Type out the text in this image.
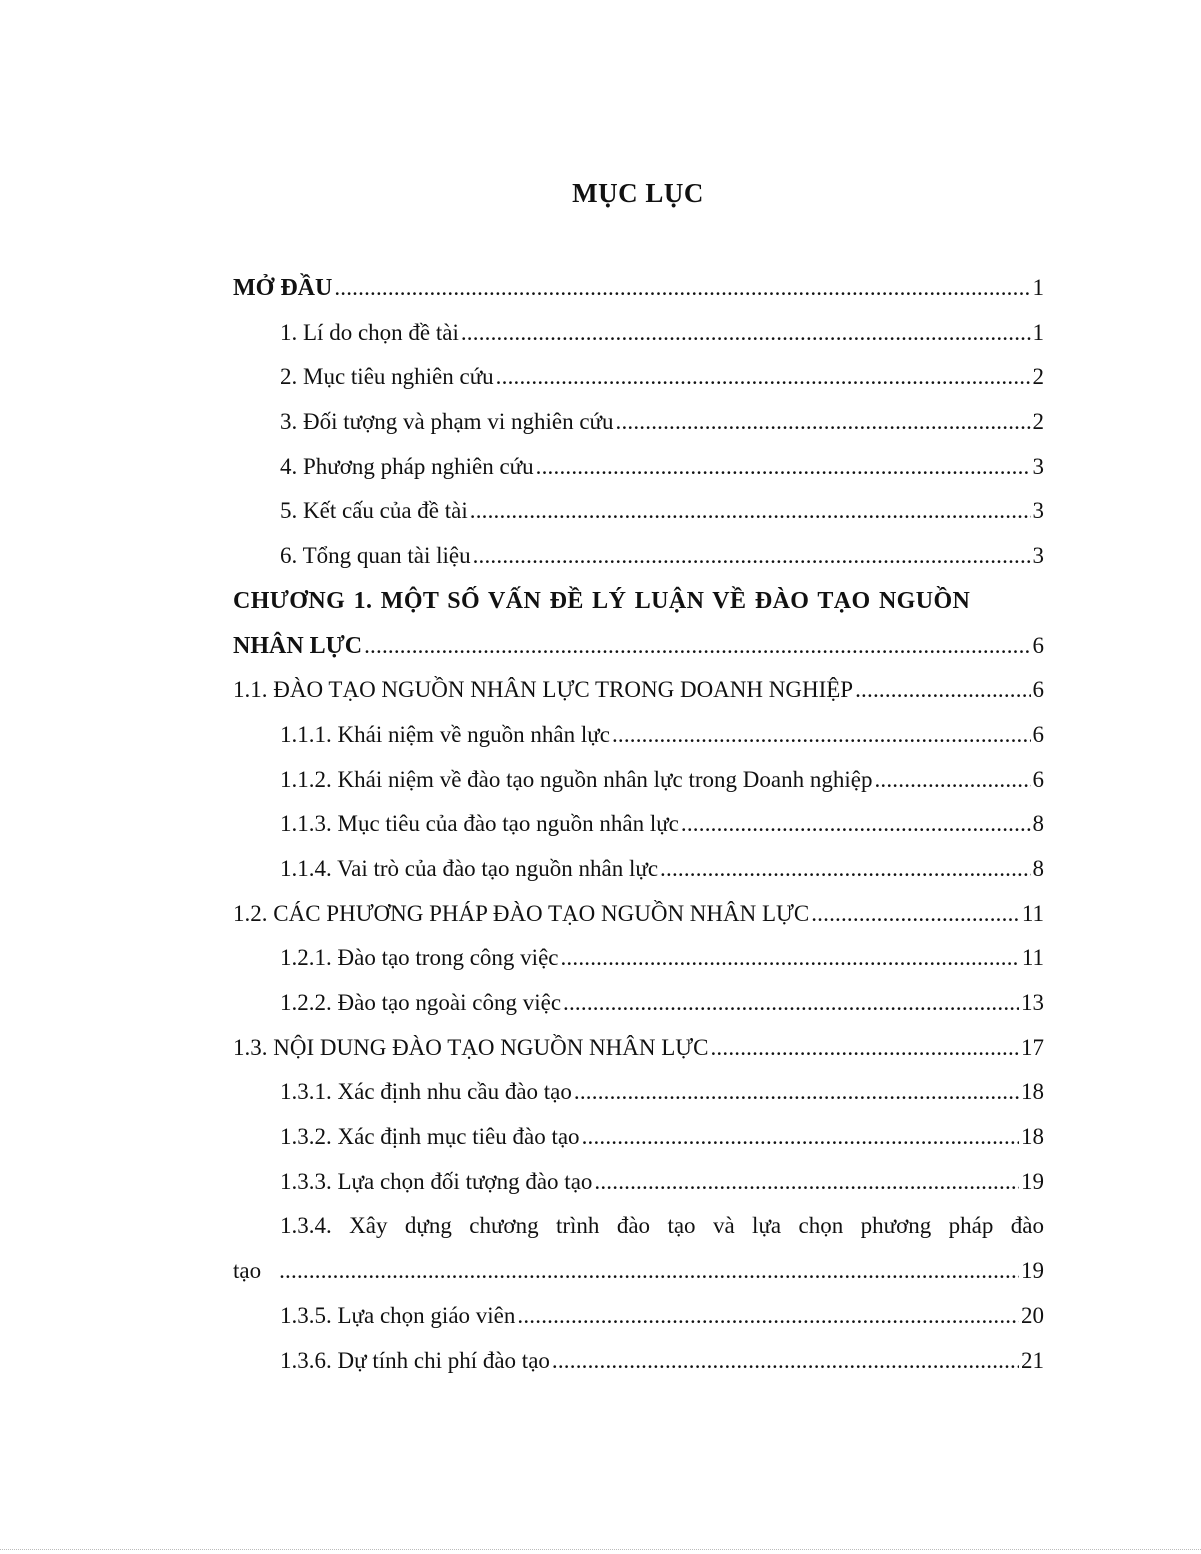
MỤC LỤC
MỞ ĐẦU .....	1
1. Lí do chọn đề tài .....	1
2. Mục tiêu nghiên cứu .....	2
3. Đối tượng và phạm vi nghiên cứu .....	2
4. Phương pháp nghiên cứu .....	3
5. Kết cấu của đề tài .....	3
6. Tổng quan tài liệu .....	3
CHƯƠNG 1. MỘT SỐ VẤN ĐỀ LÝ LUẬN VỀ ĐÀO TẠO NGUỒN
NHÂN LỰC .....	6
1.1. ĐÀO TẠO NGUỒN NHÂN LỰC TRONG DOANH NGHIỆP .....	6
1.1.1. Khái niệm về nguồn nhân lực .....	6
1.1.2. Khái niệm về đào tạo nguồn nhân lực trong Doanh nghiệp .....	6
1.1.3. Mục tiêu của đào tạo nguồn nhân lực .....	8
1.1.4. Vai trò của đào tạo nguồn nhân lực .....	8
1.2. CÁC PHƯƠNG PHÁP ĐÀO TẠO NGUỒN NHÂN LỰC .....	11
1.2.1. Đào tạo trong công việc .....	11
1.2.2. Đào tạo ngoài công việc .....	13
1.3. NỘI DUNG ĐÀO TẠO NGUỒN NHÂN LỰC .....	17
1.3.1. Xác định nhu cầu đào tạo .....	18
1.3.2. Xác định mục tiêu đào tạo .....	18
1.3.3. Lựa chọn đối tượng đào tạo .....	19
1.3.4. Xây dựng chương trình đào tạo và lựa chọn phương pháp đào
tạo .....	19
1.3.5. Lựa chọn giáo viên .....	20
1.3.6. Dự tính chi phí đào tạo .....	21
